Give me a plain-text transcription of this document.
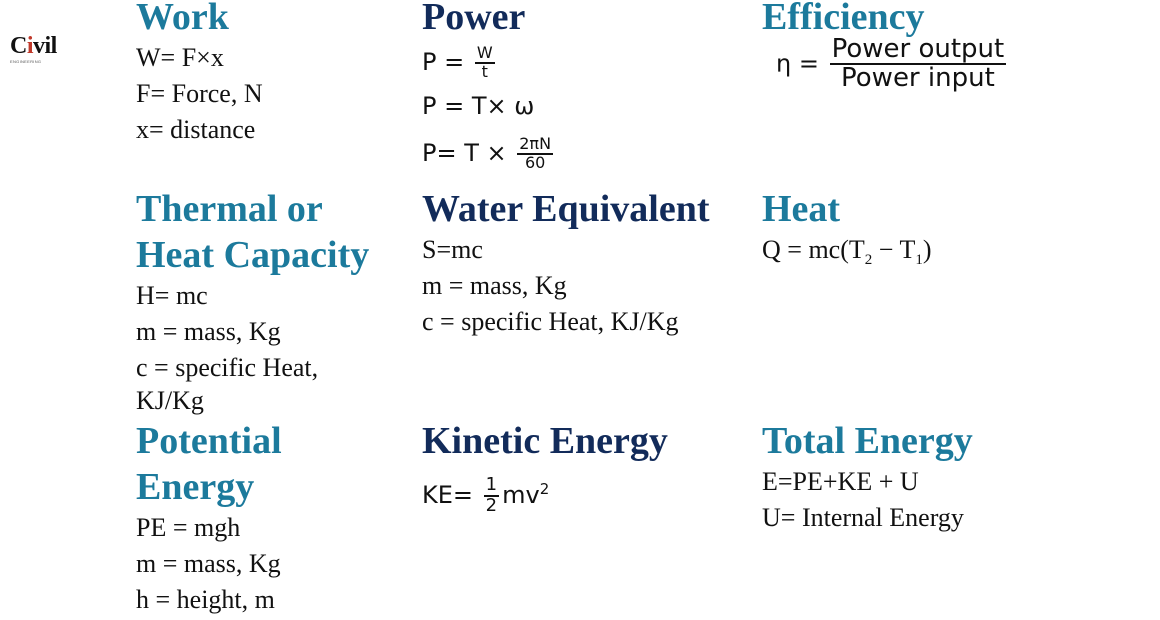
Civil
ENGINEERING
Work
W= F×x
F= Force, N
x= distance
Power
$P = \frac{W}{t}$
P = T× ω
$P= T \times \frac{2\pi N}{60}$
Efficiency
$\eta = \frac{\text{Power output}}{\text{Power input}}$
Thermal or
Heat Capacity
H= mc
m = mass, Kg
c = specific Heat,
KJ/Kg
Water Equivalent
S=mc
m = mass, Kg
c = specific Heat, KJ/Kg
Heat
$Q = mc(T_2 - T_1)$
Potential
Energy
PE = mgh
m = mass, Kg
h = height, m
Kinetic Energy
$KE= \frac{1}{2} mv^2$
Total Energy
E=PE+KE + U
U= Internal Energy
